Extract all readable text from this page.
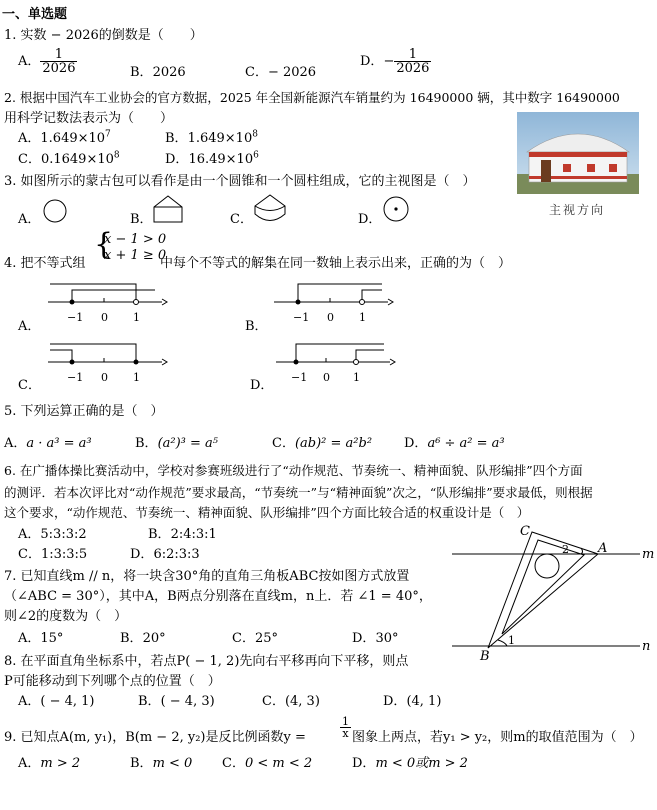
一、单选题
1. 实数 − 2026的倒数是（　　）
A． $\frac{1}{2026}$	B．2026	C．− 2026
D．− $\frac{1}{2026}$
2. 根据中国汽车工业协会的官方数据，2025 年全国新能源汽车销量约为 16490000 辆，其中数字 16490000
用科学记数法表示为（　　）
A．$1.649\times 10^7$	B．$1.649\times 10^8$
C．$0.1649\times 10^8$	D．$16.49\times 10^6$
主视方向
3. 如图所示的蒙古包可以看作是由一个圆锥和一个圆柱组成，它的主视图是（　）
A．	B．	C．	D．
4. 把不等式组
{
x − 1 > 0
x + 1 ≥ 0
中每个不等式的解集在同一数轴上表示出来，正确的为（　）
A．
−1 0 1
B．
−1 0 1
C．
−1 0 1
D．
−1 0 1
5. 下列运算正确的是（　）
A．a · a³ = a³	B．(a²)³ = a⁵	C．(ab)² = a²b² D．a⁶ ÷ a² = a³
6. 在广播体操比赛活动中，学校对参赛班级进行了“动作规范、节奏统一、精神面貌、队形编排”四个方面
的测评．若本次评比对“动作规范”要求最高，“节奏统一”与“精神面貌”次之，“队形编排”要求最低，则根据
这个要求，“动作规范、节奏统一、精神面貌、队形编排”四个方面比较合适的权重设计是（　）
A．5:3:3:2	B．2:4:3:1
C．1:3:3:5	D．6:2:3:3
C
A
B
m
n
1
2
7. 已知直线m // n，将一块含30°角的直角三角板ABC按如图方式放置
（∠ABC = 30°），其中A，B两点分别落在直线m，n上．若 ∠1 = 40°，
则∠2的度数为（　）
A．15°	B．20°	C．25°	D．30°
8. 在平面直角坐标系中，若点P( − 1, 2)先向右平移再向下平移，则点
P可能移动到下列哪个点的位置（　）
A．( − 4, 1)	B．( − 4, 3)	C．(4, 3)	D．(4, 1)
9. 已知点A(m, y₁)，B(m − 2, y₂)是反比例函数y =	$\frac{1}{x}$ 图象上两点，若y₁ > y₂，则m的取值范围为（　）
A．m > 2	B．m < 0 C．0 < m < 2	D．m < 0或m > 2
